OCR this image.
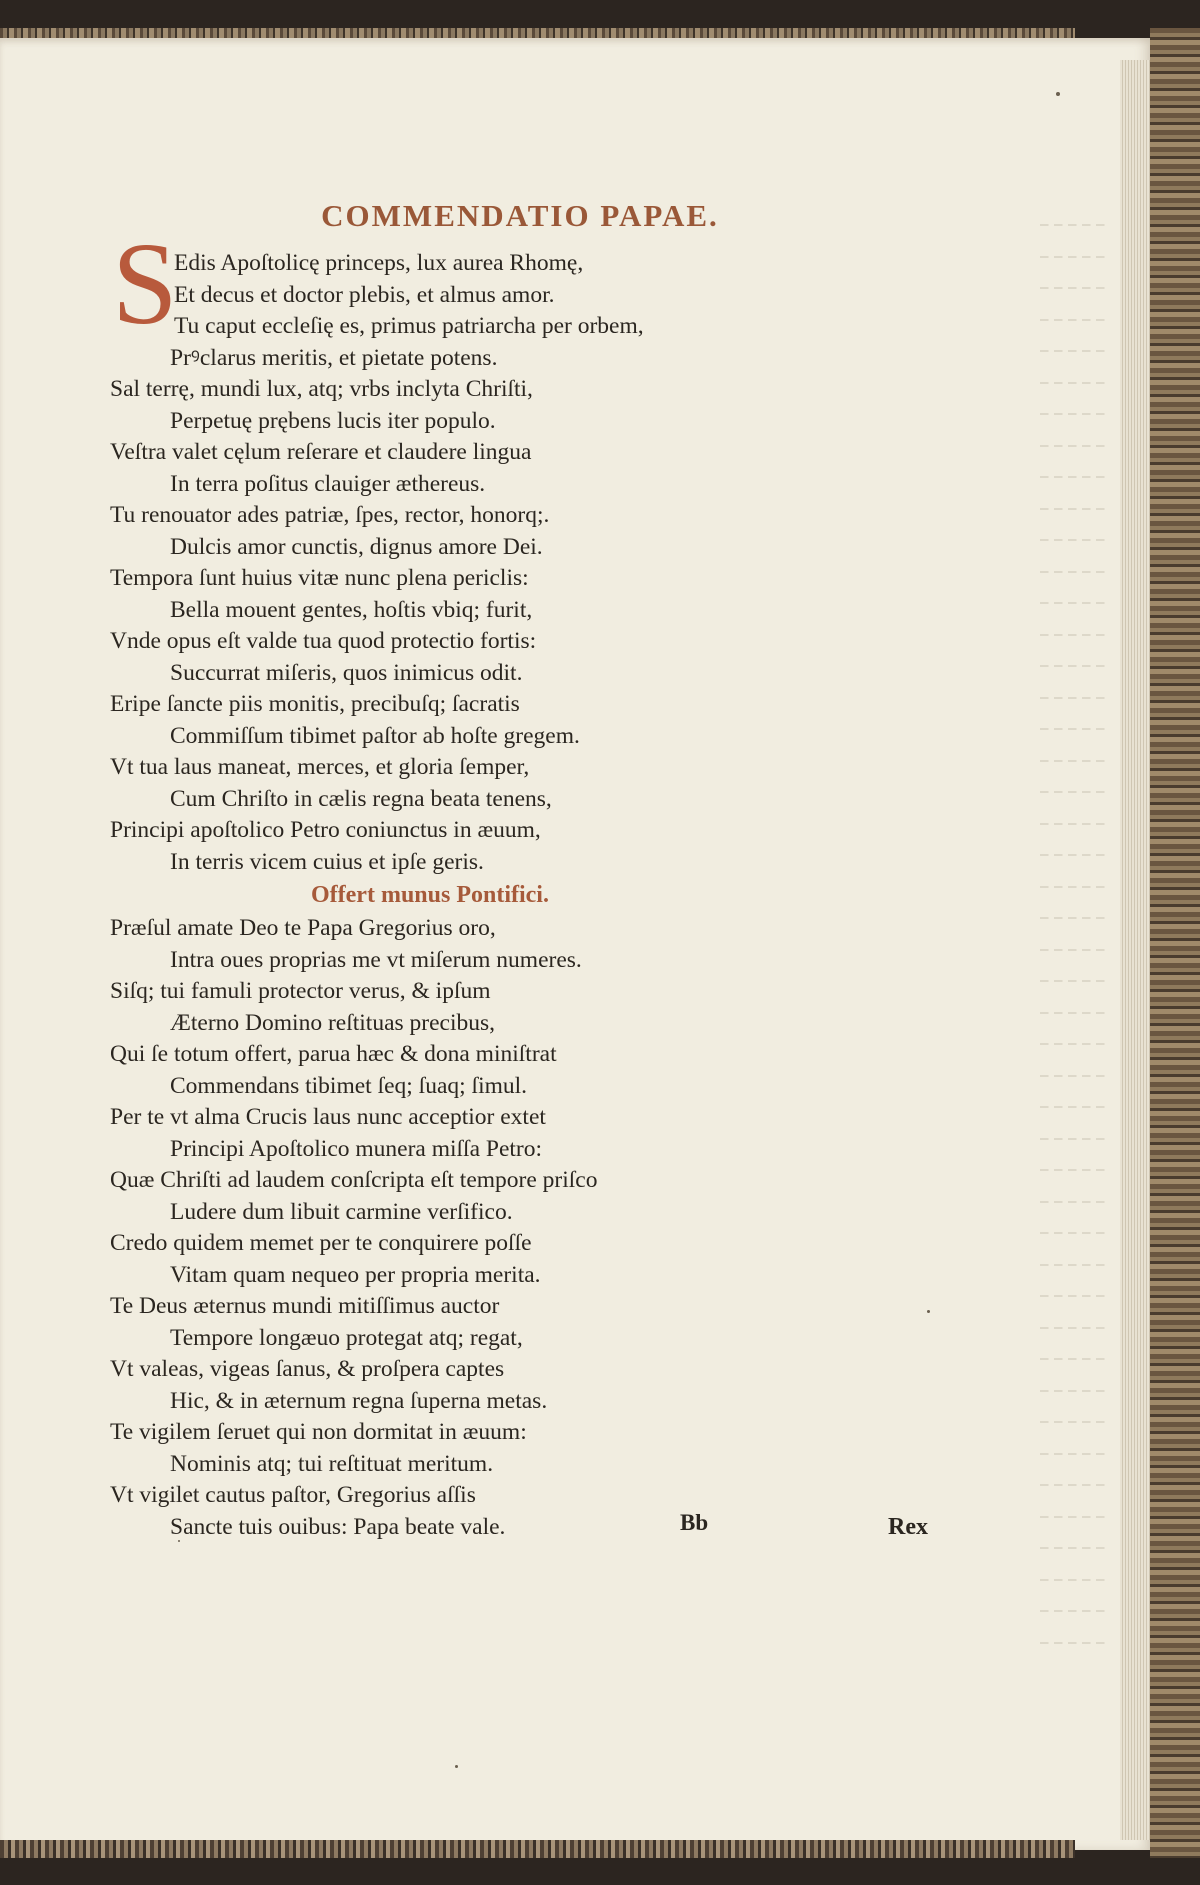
COMMENDATIO PAPAE.
S
Edis Apoſtolicę princeps, lux aurea Rhomę,
Et decus et doctor plebis, et almus amor.
Tu caput eccleſię es, primus patriarcha per orbem,
Prꝰclarus meritis, et pietate potens.
Sal terrę, mundi lux, atq; vrbs inclyta Chriſti,
Perpetuę prębens lucis iter populo.
Veſtra valet cęlum reſerare et claudere lingua
In terra poſitus clauiger æthereus.
Tu renouator ades patriæ, ſpes, rector, honorq;.
Dulcis amor cunctis, dignus amore Dei.
Tempora ſunt huius vitæ nunc plena periclis:
Bella mouent gentes, hoſtis vbiq; furit,
Vnde opus eſt valde tua quod protectio fortis:
Succurrat miſeris, quos inimicus odit.
Eripe ſancte piis monitis, precibuſq; ſacratis
Commiſſum tibimet paſtor ab hoſte gregem.
Vt tua laus maneat, merces, et gloria ſemper,
Cum Chriſto in cælis regna beata tenens,
Principi apoſtolico Petro coniunctus in æuum,
In terris vicem cuius et ipſe geris.
Offert munus Pontifici.
Præſul amate Deo te Papa Gregorius oro,
Intra oues proprias me vt miſerum numeres.
Siſq; tui famuli protector verus, & ipſum
Æterno Domino reſtituas precibus,
Qui ſe totum offert, parua hæc & dona miniſtrat
Commendans tibimet ſeq; ſuaq; ſimul.
Per te vt alma Crucis laus nunc acceptior extet
Principi Apoſtolico munera miſſa Petro:
Quæ Chriſti ad laudem conſcripta eſt tempore priſco
Ludere dum libuit carmine verſifico.
Credo quidem memet per te conquirere poſſe
Vitam quam nequeo per propria merita.
Te Deus æternus mundi mitiſſimus auctor
Tempore longæuo protegat atq; regat,
Vt valeas, vigeas ſanus, & proſpera captes
Hic, & in æternum regna ſuperna metas.
Te vigilem ſeruet qui non dormitat in æuum:
Nominis atq; tui reſtituat meritum.
Vt vigilet cautus paſtor, Gregorius aſſis
Sancte tuis ouibus: Papa beate vale.	Bb	Rex
